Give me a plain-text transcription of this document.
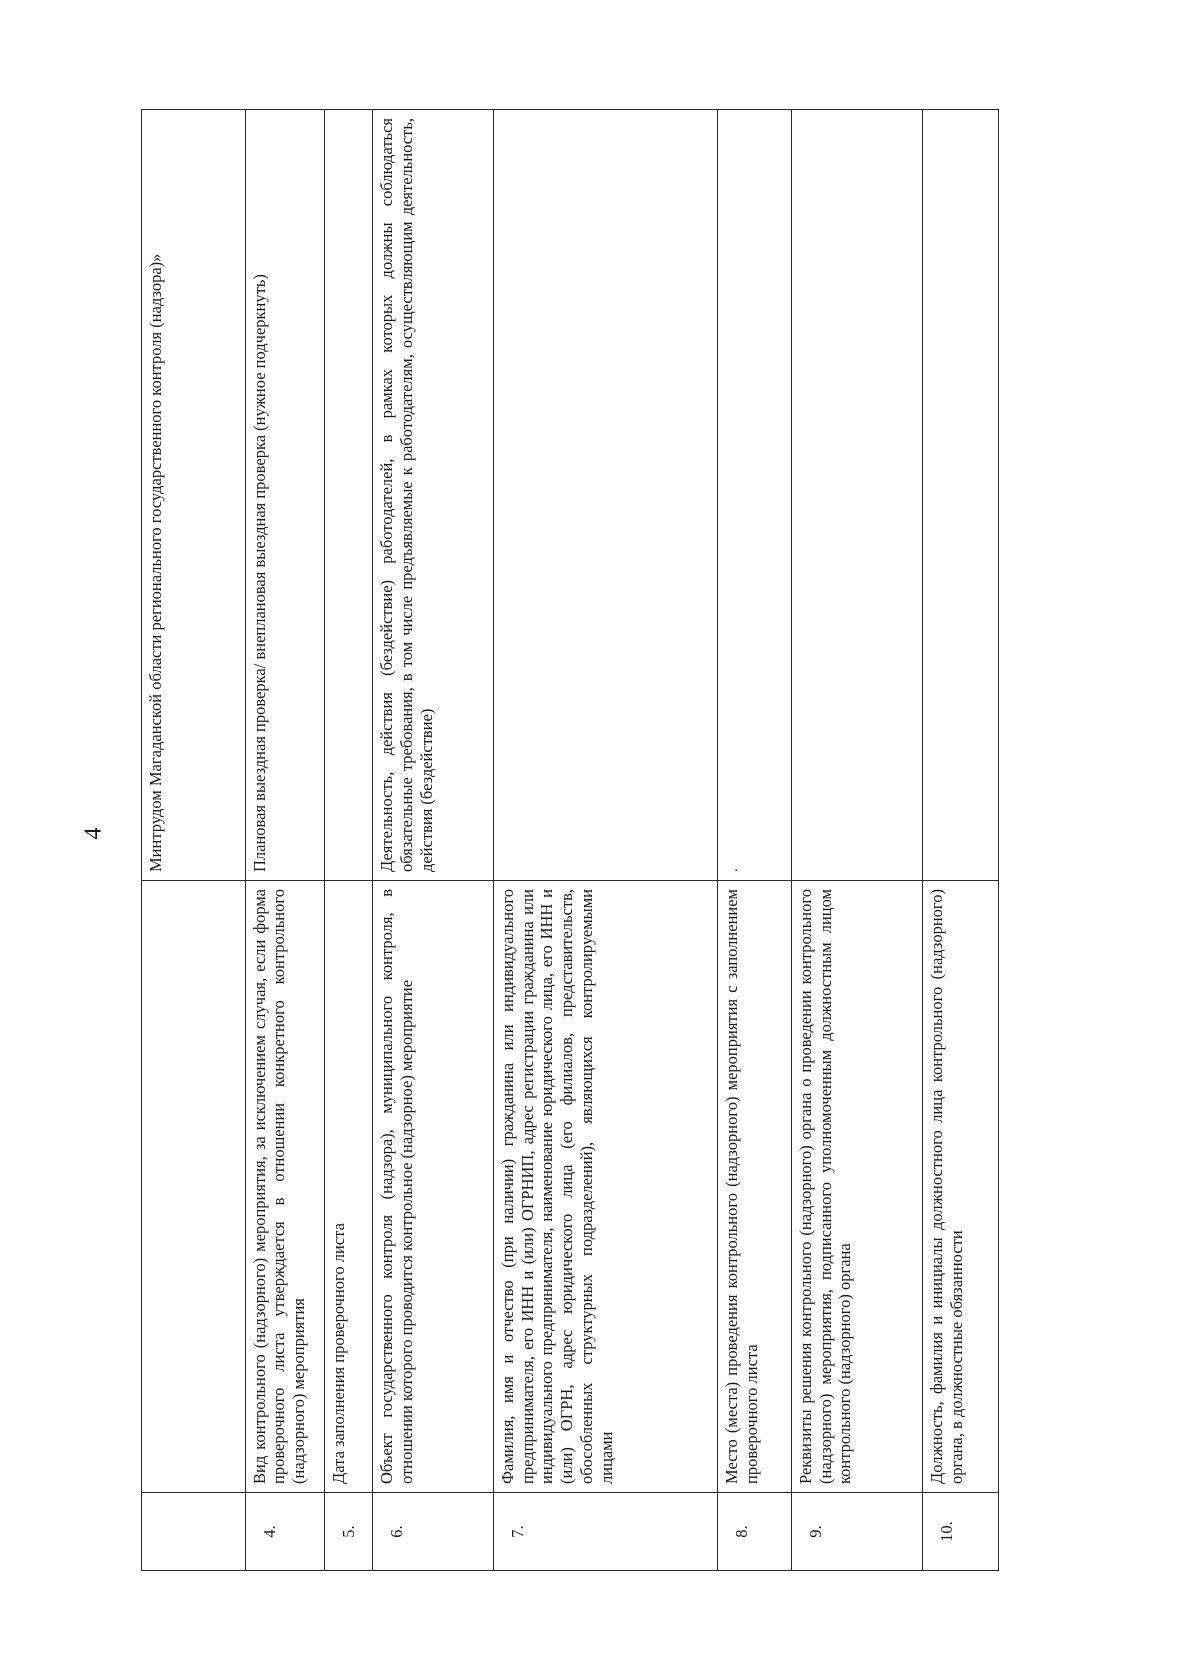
4
		Минтрудом Магаданской области регионального государственного контроля (надзора)»
4.	Вид контрольного (надзорного) мероприятия, за исключением случая, если форма проверочного листа утверждается в отношении конкретного контрольного (надзорного) мероприятия	Плановая выездная проверка/ внеплановая выездная проверка (нужное подчеркнуть)
5.	Дата заполнения проверочного листа	
6.	Объект государственного контроля (надзора), муниципального контроля, в отношении которого проводится контрольное (надзорное) мероприятие	Деятельность, действия (бездействие) работодателей, в рамках которых должны соблюдаться обязательные требования, в том числе предъявляемые к работодателям, осуществляющим деятельность, действия (бездействие)
7.	Фамилия, имя и отчество (при наличии) гражданина или индивидуального предпринимателя, его ИНН и (или) ОГРНИП, адрес регистрации гражданина или индивидуального предпринимателя, наименование юридического лица, его ИНН и (или) ОГРН, адрес юридического лица (его филиалов, представительств, обособленных структурных подразделений), являющихся контролируемыми лицами	
8.	Место (места) проведения контрольного (надзорного) мероприятия с заполнением проверочного листа	.

9.	Реквизиты решения контрольного (надзорного) органа о проведении контрольного (надзорного) мероприятия, подписанного уполномоченным должностным лицом контрольного (надзорного) органа	
10.	Должность, фамилия и инициалы должностного лица контрольного (надзорного) органа, в должностные обязанности	
